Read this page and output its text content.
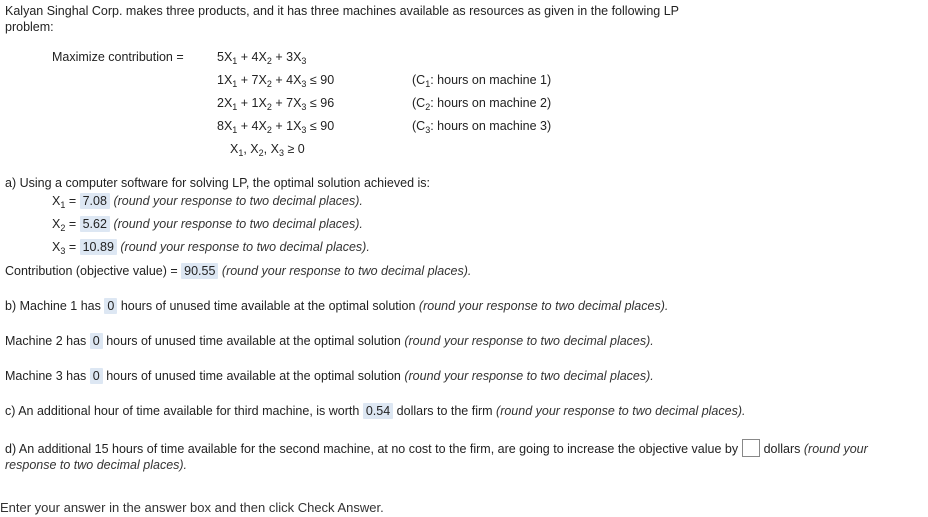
Kalyan Singhal Corp. makes three products, and it has three machines available as resources as given in the following LP
problem:
Maximize contribution =	$5X_1 + 4X_2 + 3X_3$
$1X_1 + 7X_2 + 4X_3 \le 90$	($C_1$: hours on machine 1)
$2X_1 + 1X_2 + 7X_3 \le 96$	($C_2$: hours on machine 2)
$8X_1 + 4X_2 + 1X_3 \le 90$	($C_3$: hours on machine 3)
$X_1$, $X_2$, $X_3 \ge 0$
a) Using a computer software for solving LP, the optimal solution achieved is:
$X_1 = 7.08$ (round your response to two decimal places).
$X_2 = 5.62$ (round your response to two decimal places).
$X_3 = 10.89$ (round your response to two decimal places).
Contribution (objective value) = 90.55 (round your response to two decimal places).
b) Machine 1 has 0 hours of unused time available at the optimal solution (round your response to two decimal places).
Machine 2 has 0 hours of unused time available at the optimal solution (round your response to two decimal places).
Machine 3 has 0 hours of unused time available at the optimal solution (round your response to two decimal places).
c) An additional hour of time available for third machine, is worth 0.54 dollars to the firm (round your response to two decimal places).
d) An additional 15 hours of time available for the second machine, at no cost to the firm, are going to increase the objective value by dollars (round your
response to two decimal places).
Enter your answer in the answer box and then click Check Answer.
